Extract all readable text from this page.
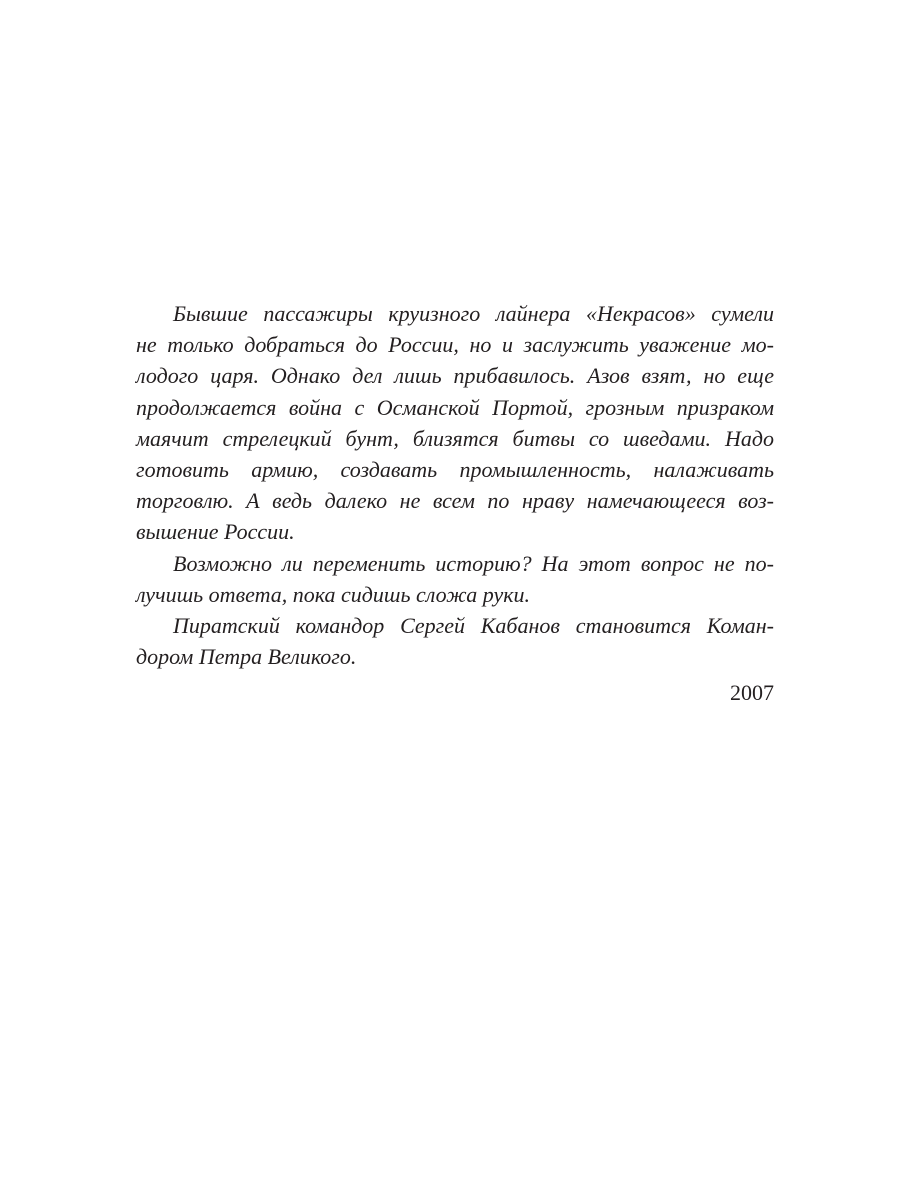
Бывшие пассажиры круизного лайнера «Некрасов» сумели
не только добраться до России, но и заслужить уважение мо-
лодого царя. Однако дел лишь прибавилось. Азов взят, но еще
продолжается война с Османской Портой, грозным призраком
маячит стрелецкий бунт, близятся битвы со шведами. Надо
готовить армию, создавать промышленность, налаживать
торговлю. А ведь далеко не всем по нраву намечающееся воз-
вышение России.
Возможно ли переменить историю? На этот вопрос не по-
лучишь ответа, пока сидишь сложа руки.
Пиратский командор Сергей Кабанов становится Коман-
дором Петра Великого.
2007
